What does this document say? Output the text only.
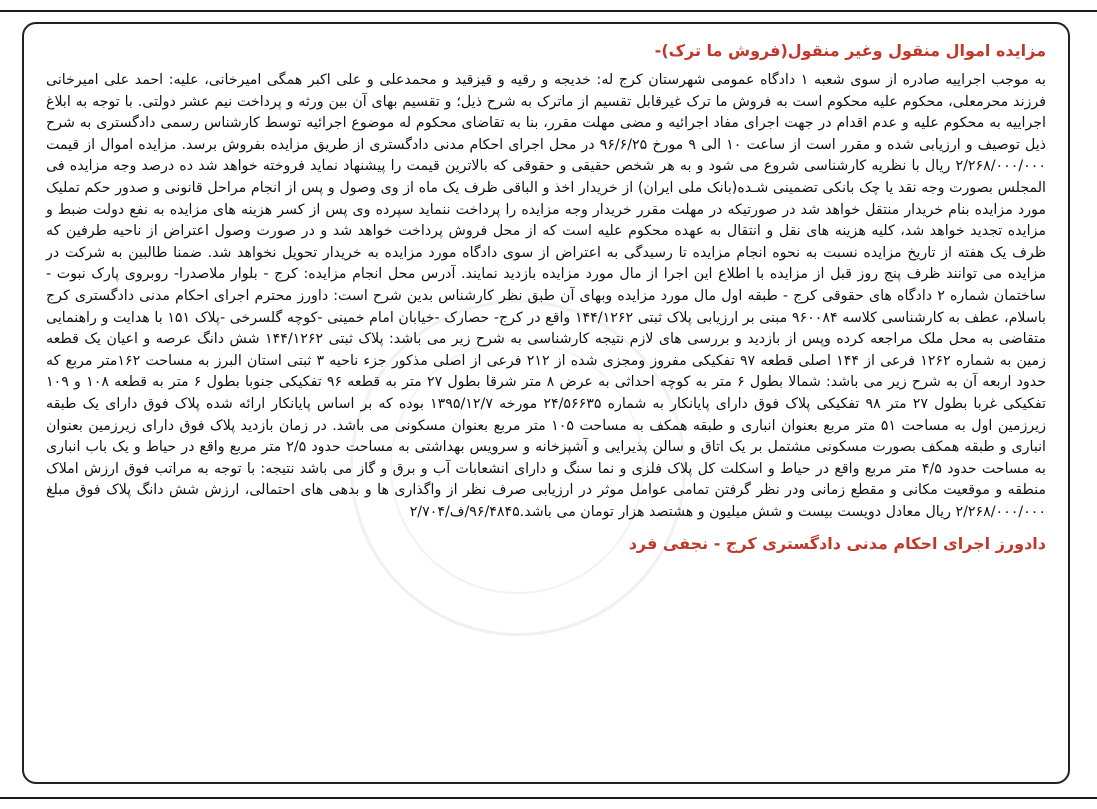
مزایده اموال منقول وغیر منقول(فروش ما ترک)-

به موجب اجراییه صادره از سوی شعبه ۱ دادگاه عمومی شهرستان کرج له: خدیجه و رقیه و قیزقید و محمدعلی و علی اکبر همگی امیرخانی، علیه: احمد علی امیرخانی فرزند محرمعلی، محکوم علیه محکوم است به فروش ما ترک غیرقابل تقسیم از ماترک به شرح ذیل؛ و تقسیم بهای آن بین ورثه و پرداخت نیم عشر دولتی. با توجه به ابلاغ اجراییه به محکوم علیه و عدم اقدام در جهت اجرای مفاد اجرائیه و مضی مهلت مقرر، بنا به تقاضای محکوم له موضوع اجرائیه توسط کارشناس رسمی دادگستری به شرح ذیل توصیف و ارزیابی شده و مقرر است از ساعت ۱۰ الی ۹ مورخ ۹۶/۶/۲۵ در محل اجرای احکام مدنی دادگستری از طریق مزایده بفروش برسد. مزایده اموال از قیمت ۲/۲۶۸/۰۰۰/۰۰۰ ریال با نظریه کارشناسی شروع می شود و به هر شخص حقیقی و حقوقی که بالاترین قیمت را پیشنهاد نماید فروخته خواهد شد ده درصد وجه مزایده فی المجلس بصورت وجه نقد یا چک بانکی تضمینی شـده(بانک ملی ایران) از خریدار اخذ و الباقی ظرف یک ماه از وی وصول و پس از انجام مراحل قانونی و صدور حکم تملیک مورد مزایده بنام خریدار منتقل خواهد شد در صورتیکه در مهلت مقرر خریدار وجه مزایده را پرداخت ننماید سپرده وی پس از کسر هزینه های مزایده به نفع دولت ضبط و مزایده تجدید خواهد شد، کلیه هزینه های نقل و انتقال به عهده محکوم علیه است که از محل فروش پرداخت خواهد شد و در صورت وصول اعتراض از ناحیه طرفین که ظرف یک هفته از تاریخ مزایده نسبت به نحوه انجام مزایده تا رسیدگی به اعتراض از سوی دادگاه مورد مزایده به خریدار تحویل نخواهد شد. ضمنا طالبین به شرکت در مزایده می توانند ظرف پنج روز قبل از مزایده با اطلاع این اجرا از مال مورد مزایده بازدید نمایند. آدرس محل انجام مزایده: کرج - بلوار ملاصدرا- روبروی پارک نبوت - ساختمان شماره ۲ دادگاه های حقوقی کرج - طبقه اول مال مورد مزایده وبهای آن طبق نظر کارشناس بدین شرح است: داورز محترم اجرای احکام مدنی دادگستری کرج باسلام، عطف به کارشناسی کلاسه ۹۶۰۰۸۴ مبنی بر ارزیابی پلاک ثبتی ۱۴۴/۱۲۶۲ واقع در کرج- حصارک -خیابان امام خمینی -کوچه گلسرخی -پلاک ۱۵۱ با هدایت و راهنمایی متقاضی به محل ملک مراجعه کرده وپس از بازدید و بررسی های لازم نتیجه کارشناسی به شرح زیر می باشد: پلاک ثبتی ۱۴۴/۱۲۶۲ شش دانگ عرصه و اعیان یک قطعه زمین به شماره ۱۲۶۲ فرعی از ۱۴۴ اصلی قطعه ۹۷ تفکیکی مفروز ومجزی شده از ۲۱۲ فرعی از اصلی مذکور جزء ناحیه ۳ ثبتی استان البرز به مساحت ۱۶۲متر مربع که حدود اربعه آن به شرح زیر می باشد: شمالا بطول ۶ متر به کوچه احداثی به عرض ۸ متر شرقا بطول ۲۷ متر به قطعه ۹۶ تفکیکی جنوبا بطول ۶ متر به قطعه ۱۰۸ و ۱۰۹ تفکیکی غربا بطول ۲۷ متر ۹۸ تفکیکی پلاک فوق دارای پایانکار به شماره ۲۴/۵۶۶۳۵ مورخه ۱۳۹۵/۱۲/۷ بوده که بر اساس پایانکار ارائه شده پلاک فوق دارای یک طبقه زیرزمین اول به مساحت ۵۱ متر مربع بعنوان انباری و طبقه همکف به مساحت ۱۰۵ متر مربع بعنوان مسکونی می باشد. در زمان بازدید پلاک فوق دارای زیرزمین بعنوان انباری و طبقه همکف بصورت مسکونی مشتمل بر یک اتاق و سالن پذیرایی و آشپزخانه و سرویس بهداشتی به مساحت حدود ۲/۵ متر مربع واقع در حیاط و یک باب انباری به مساحت حدود ۴/۵ متر مربع واقع در حیاط و اسکلت کل پلاک فلزی و نما سنگ و دارای انشعابات آب و برق و گاز می باشد نتیجه: با توجه به مراتب فوق ارزش املاک منطقه و موقعیت مکانی و مقطع زمانی ودر نظر گرفتن تمامی عوامل موثر در ارزیابی صرف نظر از واگذاری ها و بدهی های احتمالی، ارزش شش دانگ پلاک فوق مبلغ ۲/۲۶۸/۰۰۰/۰۰۰ ریال معادل دویست بیست و شش میلیون و هشتصد هزار تومان می باشد.۹۶/۴۸۴۵/ف/۲/۷۰۴

دادورز اجرای احکام مدنی دادگستری کرج - نجفی فرد
